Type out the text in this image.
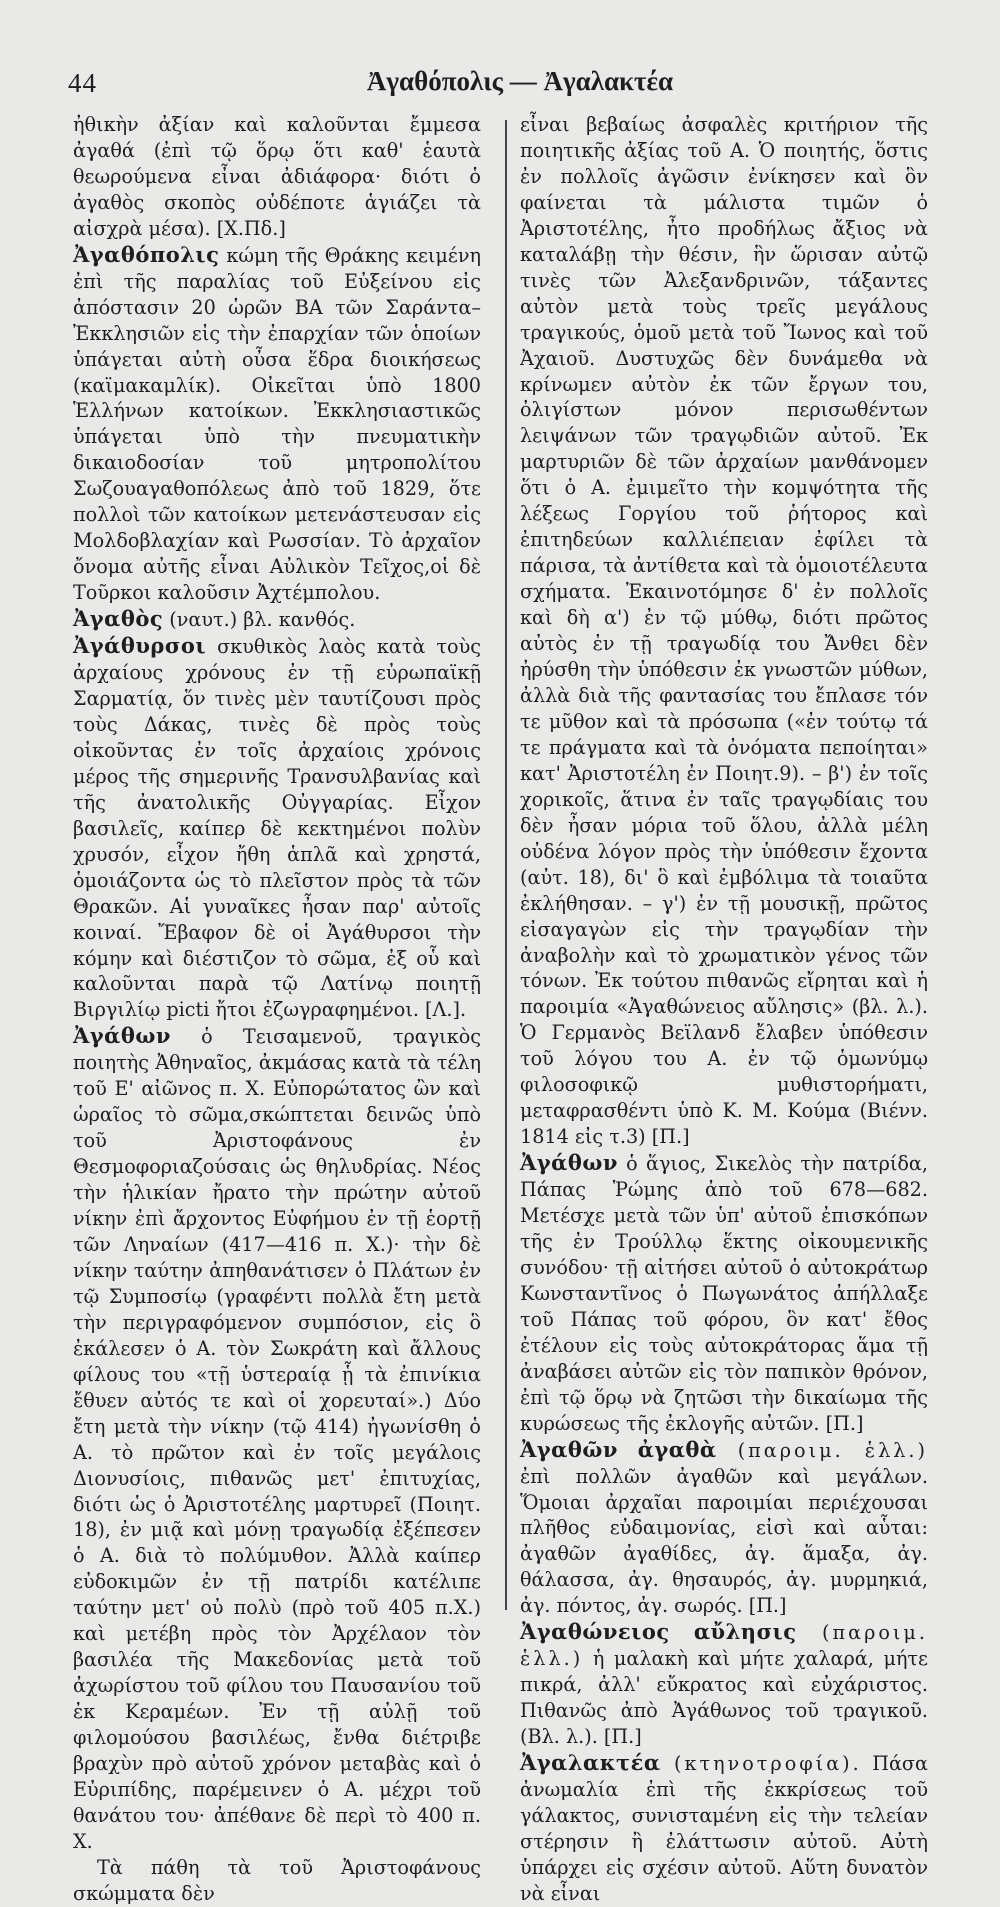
44	Ἀγαθόπολις — Ἀγαλακτέα

ἠθικὴν ἀξίαν καὶ καλοῦνται ἔμμεσα ἀγαθά (ἐπὶ τῷ ὅρῳ ὅτι καθ' ἑαυτὰ θεωρούμενα εἶναι ἀδιάφορα· διότι ὁ ἀγαθὸς σκοπὸς οὐδέποτε ἁγιάζει τὰ αἰσχρὰ μέσα). [Χ.Πδ.]

Ἀγαθόπολις κώμη τῆς Θράκης κειμένη ἐπὶ τῆς παραλίας τοῦ Εὐξείνου εἰς ἀπόστασιν 20 ὡρῶν ΒΑ τῶν Σαράντα–Ἐκκλησιῶν εἰς τὴν ἐπαρχίαν τῶν ὁποίων ὑπάγεται αὐτὴ οὖσα ἕδρα διοικήσεως (καϊμακαμλίκ). Οἰκεῖται ὑπὸ 1800 Ἑλλήνων κατοίκων. Ἐκκλησιαστικῶς ὑπάγεται ὑπὸ τὴν πνευματικὴν δικαιοδοσίαν τοῦ μητροπολίτου Σωζουαγαθοπόλεως ἀπὸ τοῦ 1829, ὅτε πολλοὶ τῶν κατοίκων μετενάστευσαν εἰς Μολδοβλαχίαν καὶ Ρωσσίαν. Τὸ ἀρχαῖον ὄνομα αὐτῆς εἶναι Αὐλικὸν Τεῖχος,οἱ δὲ Τοῦρκοι καλοῦσιν Ἀχτέμπολου.

Ἀγαθὸς (ναυτ.) βλ. κανθός.

Ἀγάθυρσοι σκυθικὸς λαὸς κατὰ τοὺς ἀρχαίους χρόνους ἐν τῇ εὐρωπαϊκῇ Σαρματίᾳ, ὅν τινὲς μὲν ταυτίζουσι πρὸς τοὺς Δάκας, τινὲς δὲ πρὸς τοὺς οἰκοῦντας ἐν τοῖς ἀρχαίοις χρόνοις μέρος τῆς σημερινῆς Τρανσυλβανίας καὶ τῆς ἀνατολικῆς Οὐγγαρίας. Εἶχον βασιλεῖς, καίπερ δὲ κεκτημένοι πολὺν χρυσόν, εἶχον ἤθη ἁπλᾶ καὶ χρηστά, ὁμοιάζοντα ὡς τὸ πλεῖστον πρὸς τὰ τῶν Θρακῶν. Αἱ γυναῖκες ἦσαν παρ' αὐτοῖς κοιναί. Ἔβαφον δὲ οἱ Ἀγάθυρσοι τὴν κόμην καὶ διέστιζον τὸ σῶμα, ἐξ οὗ καὶ καλοῦνται παρὰ τῷ Λατίνῳ ποιητῇ Βιργιλίῳ picti ἤτοι ἐζωγραφημένοι. [Λ.].

Ἀγάθων ὁ Τεισαμενοῦ, τραγικὸς ποιητὴς Ἀθηναῖος, ἀκμάσας κατὰ τὰ τέλη τοῦ Ε' αἰῶνος π. Χ. Εὐπορώτατος ὢν καὶ ὡραῖος τὸ σῶμα,σκώπτεται δεινῶς ὑπὸ τοῦ Ἀριστοφάνους ἐν Θεσμοφοριαζούσαις ὡς θηλυδρίας. Νέος τὴν ἡλικίαν ἤρατο τὴν πρώτην αὐτοῦ νίκην ἐπὶ ἄρχοντος Εὐφήμου ἐν τῇ ἑορτῇ τῶν Ληναίων (417—416 π. Χ.)· τὴν δὲ νίκην ταύτην ἀπηθανάτισεν ὁ Πλάτων ἐν τῷ Συμποσίῳ (γραφέντι πολλὰ ἔτη μετὰ τὴν περιγραφόμενον συμπόσιον, εἰς ὃ ἐκάλεσεν ὁ Α. τὸν Σωκράτη καὶ ἄλλους φίλους του «τῇ ὑστεραίᾳ ᾗ τὰ ἐπινίκια ἔθυεν αὐτός τε καὶ οἱ χορευταί».) Δύο ἔτη μετὰ τὴν νίκην (τῷ 414) ἠγωνίσθη ὁ Α. τὸ πρῶτον καὶ ἐν τοῖς μεγάλοις Διονυσίοις, πιθανῶς μετ' ἐπιτυχίας, διότι ὡς ὁ Ἀριστοτέλης μαρτυρεῖ (Ποιητ. 18), ἐν μιᾷ καὶ μόνῃ τραγωδίᾳ ἐξέπεσεν ὁ Α. διὰ τὸ πολύμυθον. Ἀλλὰ καίπερ εὐδοκιμῶν ἐν τῇ πατρίδι κατέλιπε ταύτην μετ' οὐ πολὺ (πρὸ τοῦ 405 π.Χ.) καὶ μετέβη πρὸς τὸν Ἀρχέλαον τὸν βασιλέα τῆς Μακεδονίας μετὰ τοῦ ἀχωρίστου τοῦ φίλου του Παυσανίου τοῦ ἐκ Κεραμέων. Ἐν τῇ αὐλῇ τοῦ φιλομούσου βασιλέως, ἔνθα διέτριβε βραχὺν πρὸ αὐτοῦ χρόνον μεταβὰς καὶ ὁ Εὐριπίδης, παρέμεινεν ὁ Α. μέχρι τοῦ θανάτου του· ἀπέθανε δὲ περὶ τὸ 400 π. Χ.

Τὰ πάθη τὰ τοῦ Ἀριστοφάνους σκώμματα δὲν

εἶναι βεβαίως ἀσφαλὲς κριτήριον τῆς ποιητικῆς ἀξίας τοῦ Α. Ὁ ποιητής, ὅστις ἐν πολλοῖς ἀγῶσιν ἐνίκησεν καὶ ὃν φαίνεται τὰ μάλιστα τιμῶν ὁ Ἀριστοτέλης, ἦτο προδήλως ἄξιος νὰ καταλάβῃ τὴν θέσιν, ἣν ὥρισαν αὐτῷ τινὲς τῶν Ἀλεξανδρινῶν, τάξαντες αὐτὸν μετὰ τοὺς τρεῖς μεγάλους τραγικούς, ὁμοῦ μετὰ τοῦ Ἴωνος καὶ τοῦ Ἀχαιοῦ. Δυστυχῶς δὲν δυνάμεθα νὰ κρίνωμεν αὐτὸν ἐκ τῶν ἔργων του, ὀλιγίστων μόνον περισωθέντων λειψάνων τῶν τραγῳδιῶν αὐτοῦ. Ἐκ μαρτυριῶν δὲ τῶν ἀρχαίων μανθάνομεν ὅτι ὁ Α. ἐμιμεῖτο τὴν κομψότητα τῆς λέξεως Γοργίου τοῦ ῥήτορος καὶ ἐπιτηδεύων καλλιέπειαν ἐφίλει τὰ πάρισα, τὰ ἀντίθετα καὶ τὰ ὁμοιοτέλευτα σχήματα. Ἐκαινοτόμησε δ' ἐν πολλοῖς καὶ δὴ α') ἐν τῷ μύθῳ, διότι πρῶτος αὐτὸς ἐν τῇ τραγωδίᾳ του Ἄνθει δὲν ἠρύσθη τὴν ὑπόθεσιν ἐκ γνωστῶν μύθων, ἀλλὰ διὰ τῆς φαντασίας του ἔπλασε τόν τε μῦθον καὶ τὰ πρόσωπα («ἐν τούτῳ τά τε πράγματα καὶ τὰ ὀνόματα πεποίηται» κατ' Ἀριστοτέλη ἐν Ποιητ.9). – β') ἐν τοῖς χορικοῖς, ἅτινα ἐν ταῖς τραγῳδίαις του δὲν ἦσαν μόρια τοῦ ὅλου, ἀλλὰ μέλη οὐδένα λόγον πρὸς τὴν ὑπόθεσιν ἔχοντα (αὐτ. 18), δι' ὃ καὶ ἐμβόλιμα τὰ τοιαῦτα ἐκλήθησαν. – γ') ἐν τῇ μουσικῇ, πρῶτος εἰσαγαγὼν εἰς τὴν τραγῳδίαν τὴν ἀναβολὴν καὶ τὸ χρωματικὸν γένος τῶν τόνων. Ἐκ τούτου πιθανῶς εἴρηται καὶ ἡ παροιμία «Ἀγαθώνειος αὔλησις» (βλ. λ.). Ὁ Γερμανὸς Βεϊλανδ ἔλαβεν ὑπόθεσιν τοῦ λόγου του Α. ἐν τῷ ὁμωνύμῳ φιλοσοφικῷ μυθιστορήματι, μεταφρασθέντι ὑπὸ Κ. Μ. Κούμα (Βιένν. 1814 εἰς τ.3) [Π.]

Ἀγάθων ὁ ἅγιος, Σικελὸς τὴν πατρίδα, Πάπας Ῥώμης ἀπὸ τοῦ 678—682. Μετέσχε μετὰ τῶν ὑπ' αὐτοῦ ἐπισκόπων τῆς ἐν Τρούλλῳ ἕκτης οἰκουμενικῆς συνόδου· τῇ αἰτήσει αὐτοῦ ὁ αὐτοκράτωρ Κωνσταντῖνος ὁ Πωγωνάτος ἀπήλλαξε τοῦ Πάπας τοῦ φόρου, ὃν κατ' ἔθος ἐτέλουν εἰς τοὺς αὐτοκράτορας ἅμα τῇ ἀναβάσει αὐτῶν εἰς τὸν παπικὸν θρόνον, ἐπὶ τῷ ὅρῳ νὰ ζητῶσι τὴν δικαίωμα τῆς κυρώσεως τῆς ἐκλογῆς αὐτῶν. [Π.]

Ἀγαθῶν ἀγαθὰ (παροιμ. ἑλλ.) ἐπὶ πολλῶν ἀγαθῶν καὶ μεγάλων. Ὅμοιαι ἀρχαῖαι παροιμίαι περιέχουσαι πλῆθος εὐδαιμονίας, εἰσὶ καὶ αὗται: ἀγαθῶν ἀγαθίδες, ἀγ. ἅμαξα, ἀγ. θάλασσα, ἀγ. θησαυρός, ἀγ. μυρμηκιά, ἀγ. πόντος, ἀγ. σωρός. [Π.]

Ἀγαθώνειος αὔλησις (παροιμ. ἑλλ.) ἡ μαλακὴ καὶ μήτε χαλαρά, μήτε πικρά, ἀλλ' εὔκρατος καὶ εὐχάριστος. Πιθανῶς ἀπὸ Ἀγάθωνος τοῦ τραγικοῦ. (Βλ. λ.). [Π.]

Ἀγαλακτέα (κτηνοτροφία). Πάσα ἀνωμαλία ἐπὶ τῆς ἐκκρίσεως τοῦ γάλακτος, συνισταμένη εἰς τὴν τελείαν στέρησιν ἢ ἐλάττωσιν αὐτοῦ. Αὐτὴ ὑπάρχει εἰς σχέσιν αὐτοῦ. Αὕτη δυνατὸν νὰ εἶναι
